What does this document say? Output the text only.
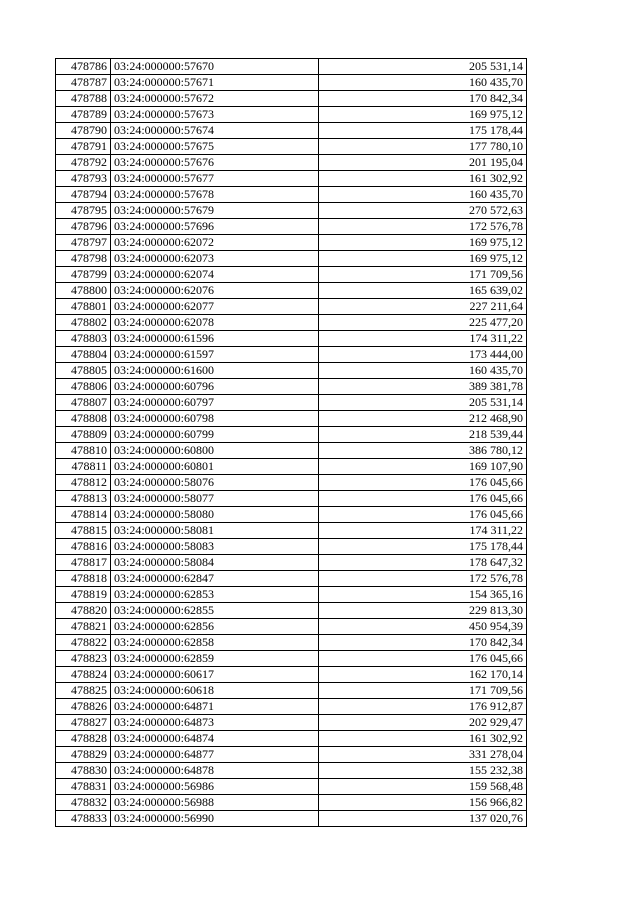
478786	03:24:000000:57670	205 531,14
478787	03:24:000000:57671	160 435,70
478788	03:24:000000:57672	170 842,34
478789	03:24:000000:57673	169 975,12
478790	03:24:000000:57674	175 178,44
478791	03:24:000000:57675	177 780,10
478792	03:24:000000:57676	201 195,04
478793	03:24:000000:57677	161 302,92
478794	03:24:000000:57678	160 435,70
478795	03:24:000000:57679	270 572,63
478796	03:24:000000:57696	172 576,78
478797	03:24:000000:62072	169 975,12
478798	03:24:000000:62073	169 975,12
478799	03:24:000000:62074	171 709,56
478800	03:24:000000:62076	165 639,02
478801	03:24:000000:62077	227 211,64
478802	03:24:000000:62078	225 477,20
478803	03:24:000000:61596	174 311,22
478804	03:24:000000:61597	173 444,00
478805	03:24:000000:61600	160 435,70
478806	03:24:000000:60796	389 381,78
478807	03:24:000000:60797	205 531,14
478808	03:24:000000:60798	212 468,90
478809	03:24:000000:60799	218 539,44
478810	03:24:000000:60800	386 780,12
478811	03:24:000000:60801	169 107,90
478812	03:24:000000:58076	176 045,66
478813	03:24:000000:58077	176 045,66
478814	03:24:000000:58080	176 045,66
478815	03:24:000000:58081	174 311,22
478816	03:24:000000:58083	175 178,44
478817	03:24:000000:58084	178 647,32
478818	03:24:000000:62847	172 576,78
478819	03:24:000000:62853	154 365,16
478820	03:24:000000:62855	229 813,30
478821	03:24:000000:62856	450 954,39
478822	03:24:000000:62858	170 842,34
478823	03:24:000000:62859	176 045,66
478824	03:24:000000:60617	162 170,14
478825	03:24:000000:60618	171 709,56
478826	03:24:000000:64871	176 912,87
478827	03:24:000000:64873	202 929,47
478828	03:24:000000:64874	161 302,92
478829	03:24:000000:64877	331 278,04
478830	03:24:000000:64878	155 232,38
478831	03:24:000000:56986	159 568,48
478832	03:24:000000:56988	156 966,82
478833	03:24:000000:56990	137 020,76
